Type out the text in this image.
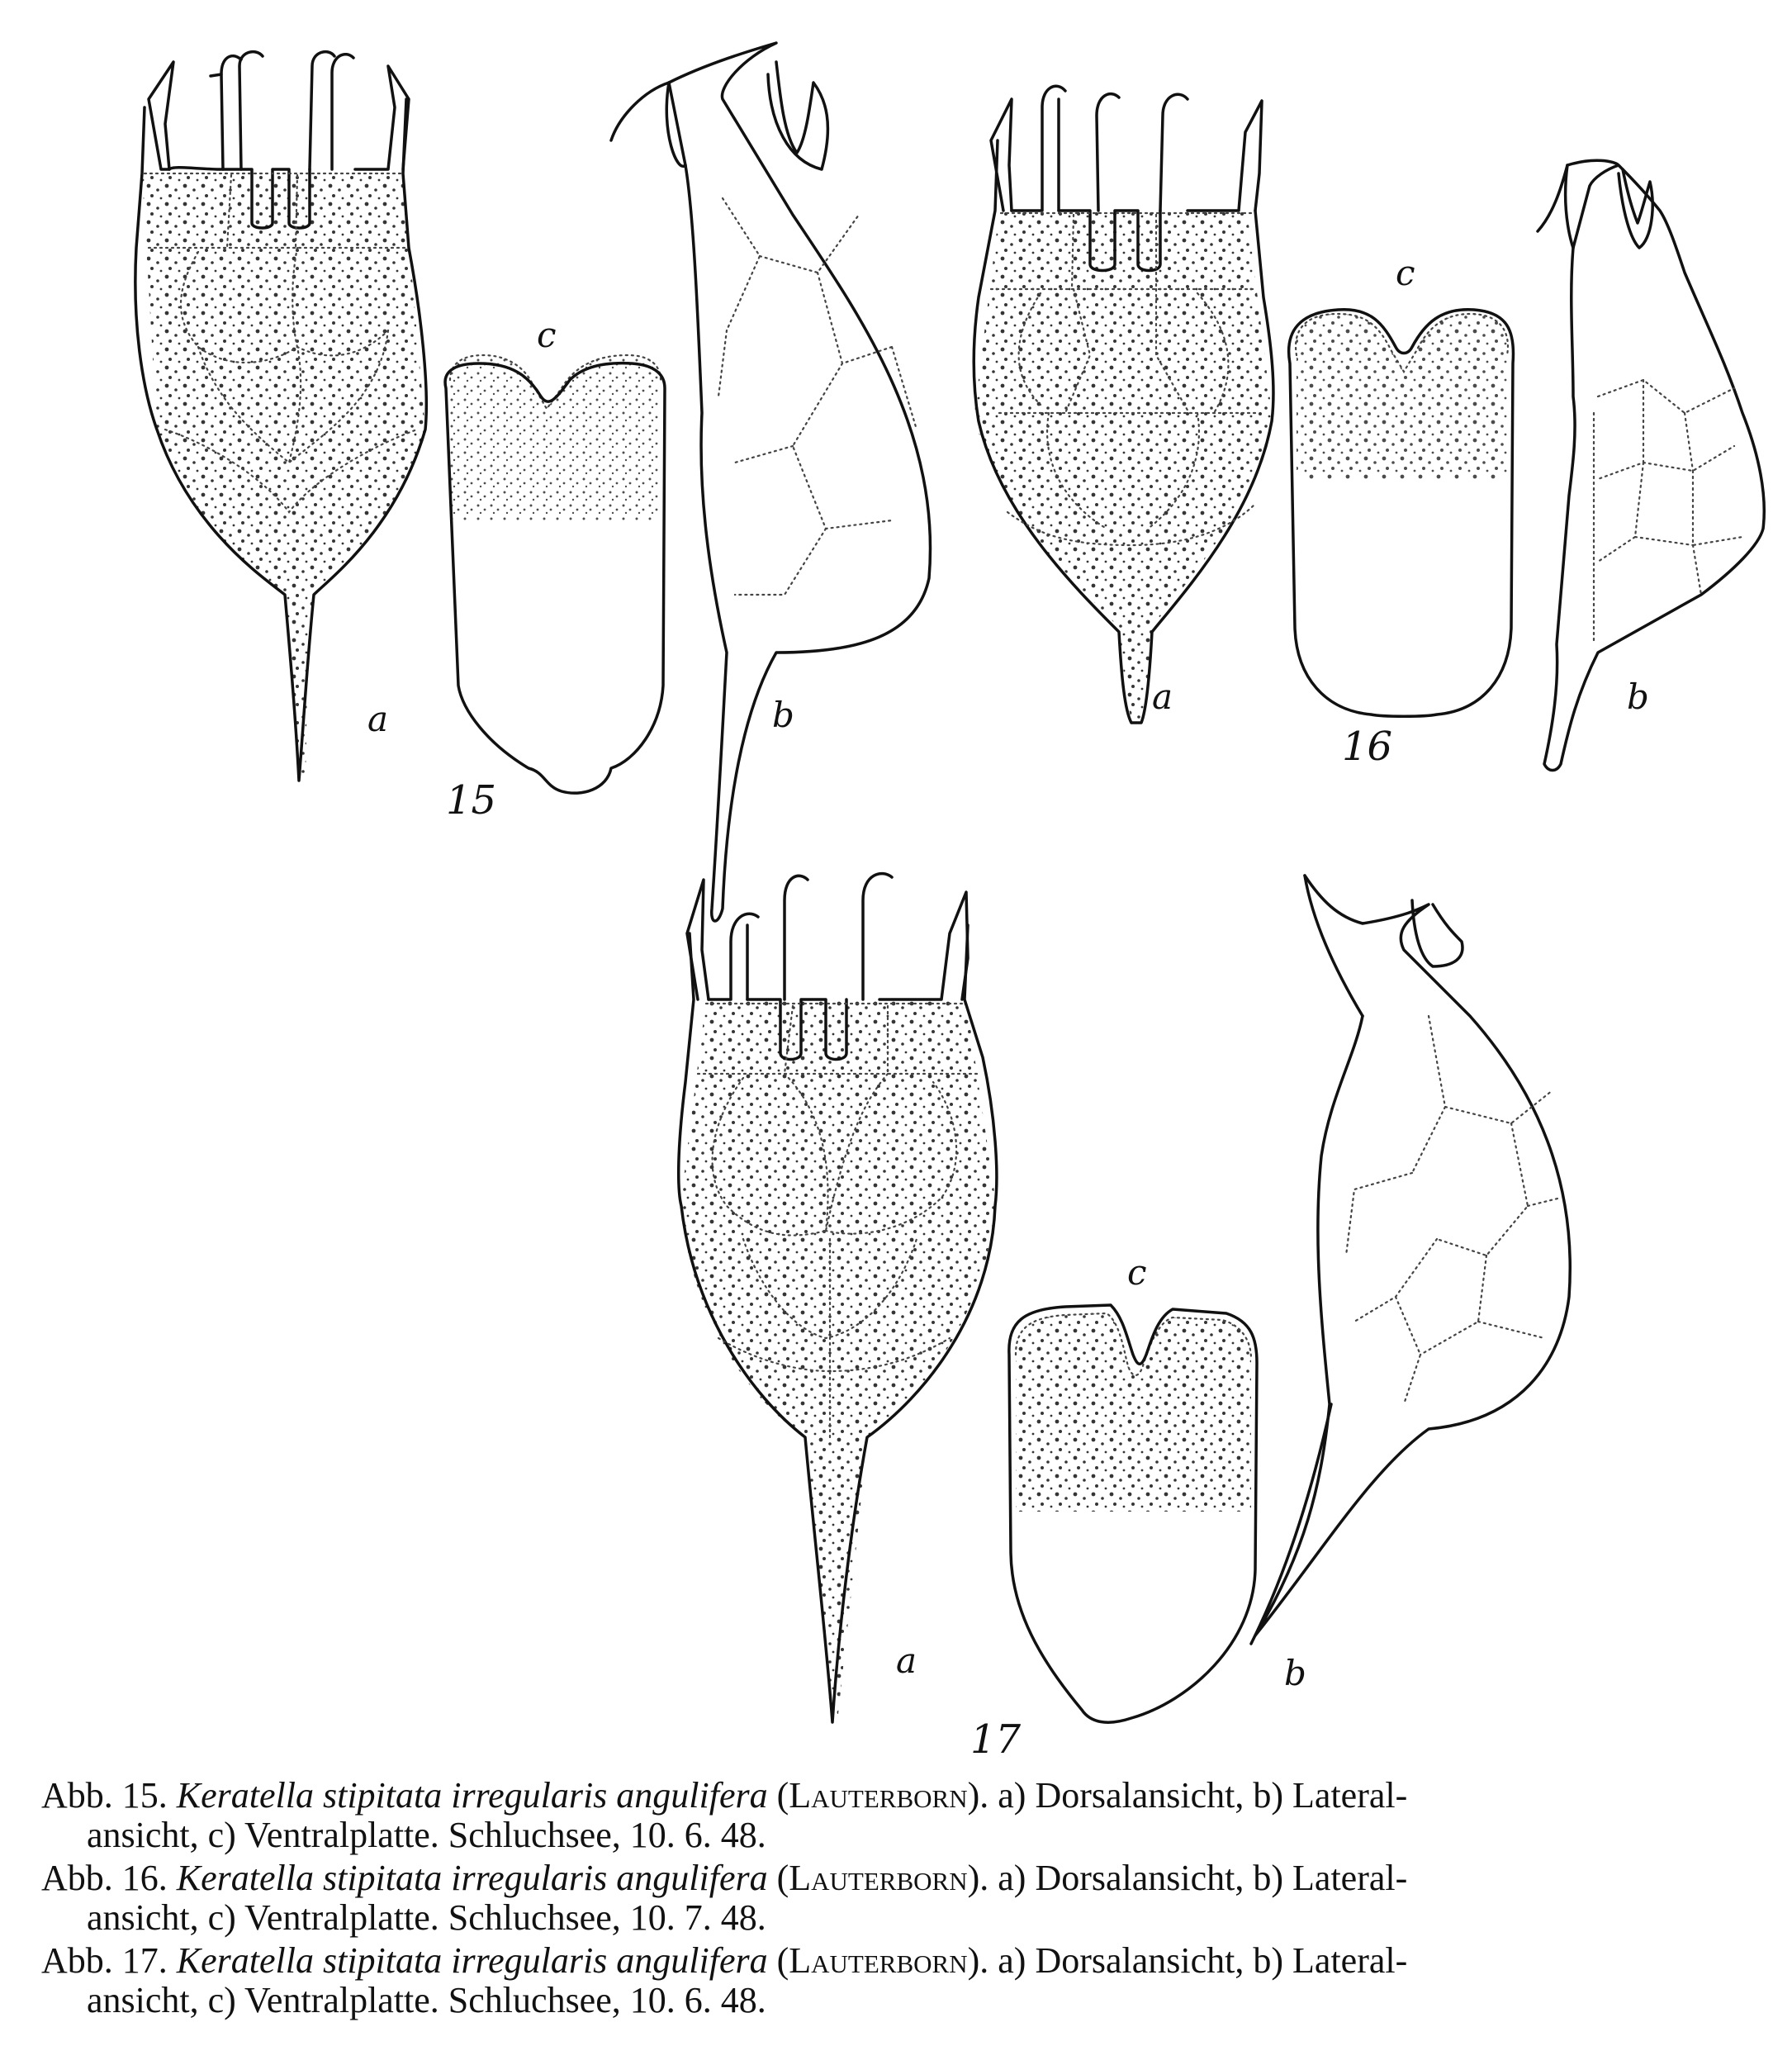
a
c
b
15
a
c
b
16
a
c
b
17
Abb. 15. Keratella stipitata irregularis angulifera (Lauterborn). a) Dorsalansicht, b) Lateral-
ansicht, c) Ventralplatte. Schluchsee, 10. 6. 48.
Abb. 16. Keratella stipitata irregularis angulifera (Lauterborn). a) Dorsalansicht, b) Lateral-
ansicht, c) Ventralplatte. Schluchsee, 10. 7. 48.
Abb. 17. Keratella stipitata irregularis angulifera (Lauterborn). a) Dorsalansicht, b) Lateral-
ansicht, c) Ventralplatte. Schluchsee, 10. 6. 48.
